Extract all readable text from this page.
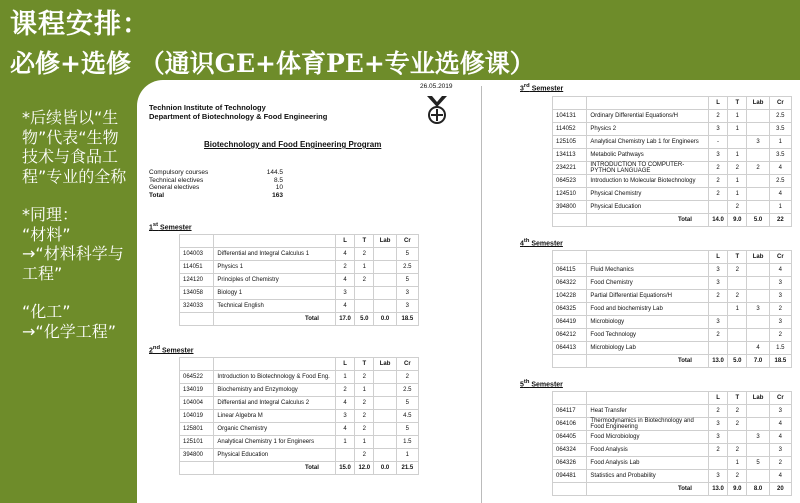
课程安排：
必修+选修 （通识GE+体育PE+专业选修课）

*后续皆以“生物”代表“生物技术与食品工程”专业的全称

*同理：
“材料”
→“材料科学与工程”

“化工”
→“化学工程”

26.05.2019
Technion Institute of Technology
Department of Biotechnology & Food Engineering
Biotechnology and Food Engineering Program
Compulsory courses	144.5
Technical electives	8.5
General electives	10
Total	163
1st Semester
		L	T	Lab	Cr
104003	Differential and Integral Calculus 1	4	2		5
114051	Physics 1	2	1		2.5
124120	Principles of Chemistry	4	2		5
134058	Biology 1	3			3
324033	Technical English	4			3
	Total	17.0	5.0	0.0	18.5
2nd Semester
		L	T	Lab	Cr
064522	Introduction to Biotechnology & Food Eng.	1	2		2
134019	Biochemistry and Enzymology	2	1		2.5
104004	Differential and Integral Calculus 2	4	2		5
104019	Linear Algebra M	3	2		4.5
125801	Organic Chemistry	4	2		5
125101	Analytical Chemistry 1 for Engineers	1	1		1.5
394800	Physical Education		2		1
	Total	15.0	12.0	0.0	21.5
3rd Semester
		L	T	Lab	Cr
104131	Ordinary Differential Equations/H	2	1		2.5
114052	Physics 2	3	1		3.5
125105	Analytical Chemistry Lab 1 for Engineers	-		3	1
134113	Metabolic Pathways	3	1		3.5
234221	INTRODUCTION TO COMPUTER-PYTHON LANGUAGE	2	2	2	4
064523	Introduction to Molecular Biotechnology	2	1		2.5
124510	Physical Chemistry	2	1		4
394800	Physical Education		2		1
	Total	14.0	9.0	5.0	22
4th Semester
		L	T	Lab	Cr
064115	Fluid Mechanics	3	2		4
064322	Food Chemistry	3			3
104228	Partial Differential Equations/H	2	2		3
064325	Food and biochemistry Lab		1	3	2
064419	Microbiology	3			3
064212	Food Technology	2			2
064413	Microbiology Lab			4	1.5
	Total	13.0	5.0	7.0	18.5
5th Semester
		L	T	Lab	Cr
064117	Heat Transfer	2	2		3
064106	Thermodynamics in Biotechnology and Food Engineering	3	2		4
064405	Food Microbiology	3		3	4
064324	Food Analysis	2	2		3
064326	Food Analysis Lab		1	5	2
094481	Statistics and Probability	3	2		4
	Total	13.0	9.0	8.0	20
